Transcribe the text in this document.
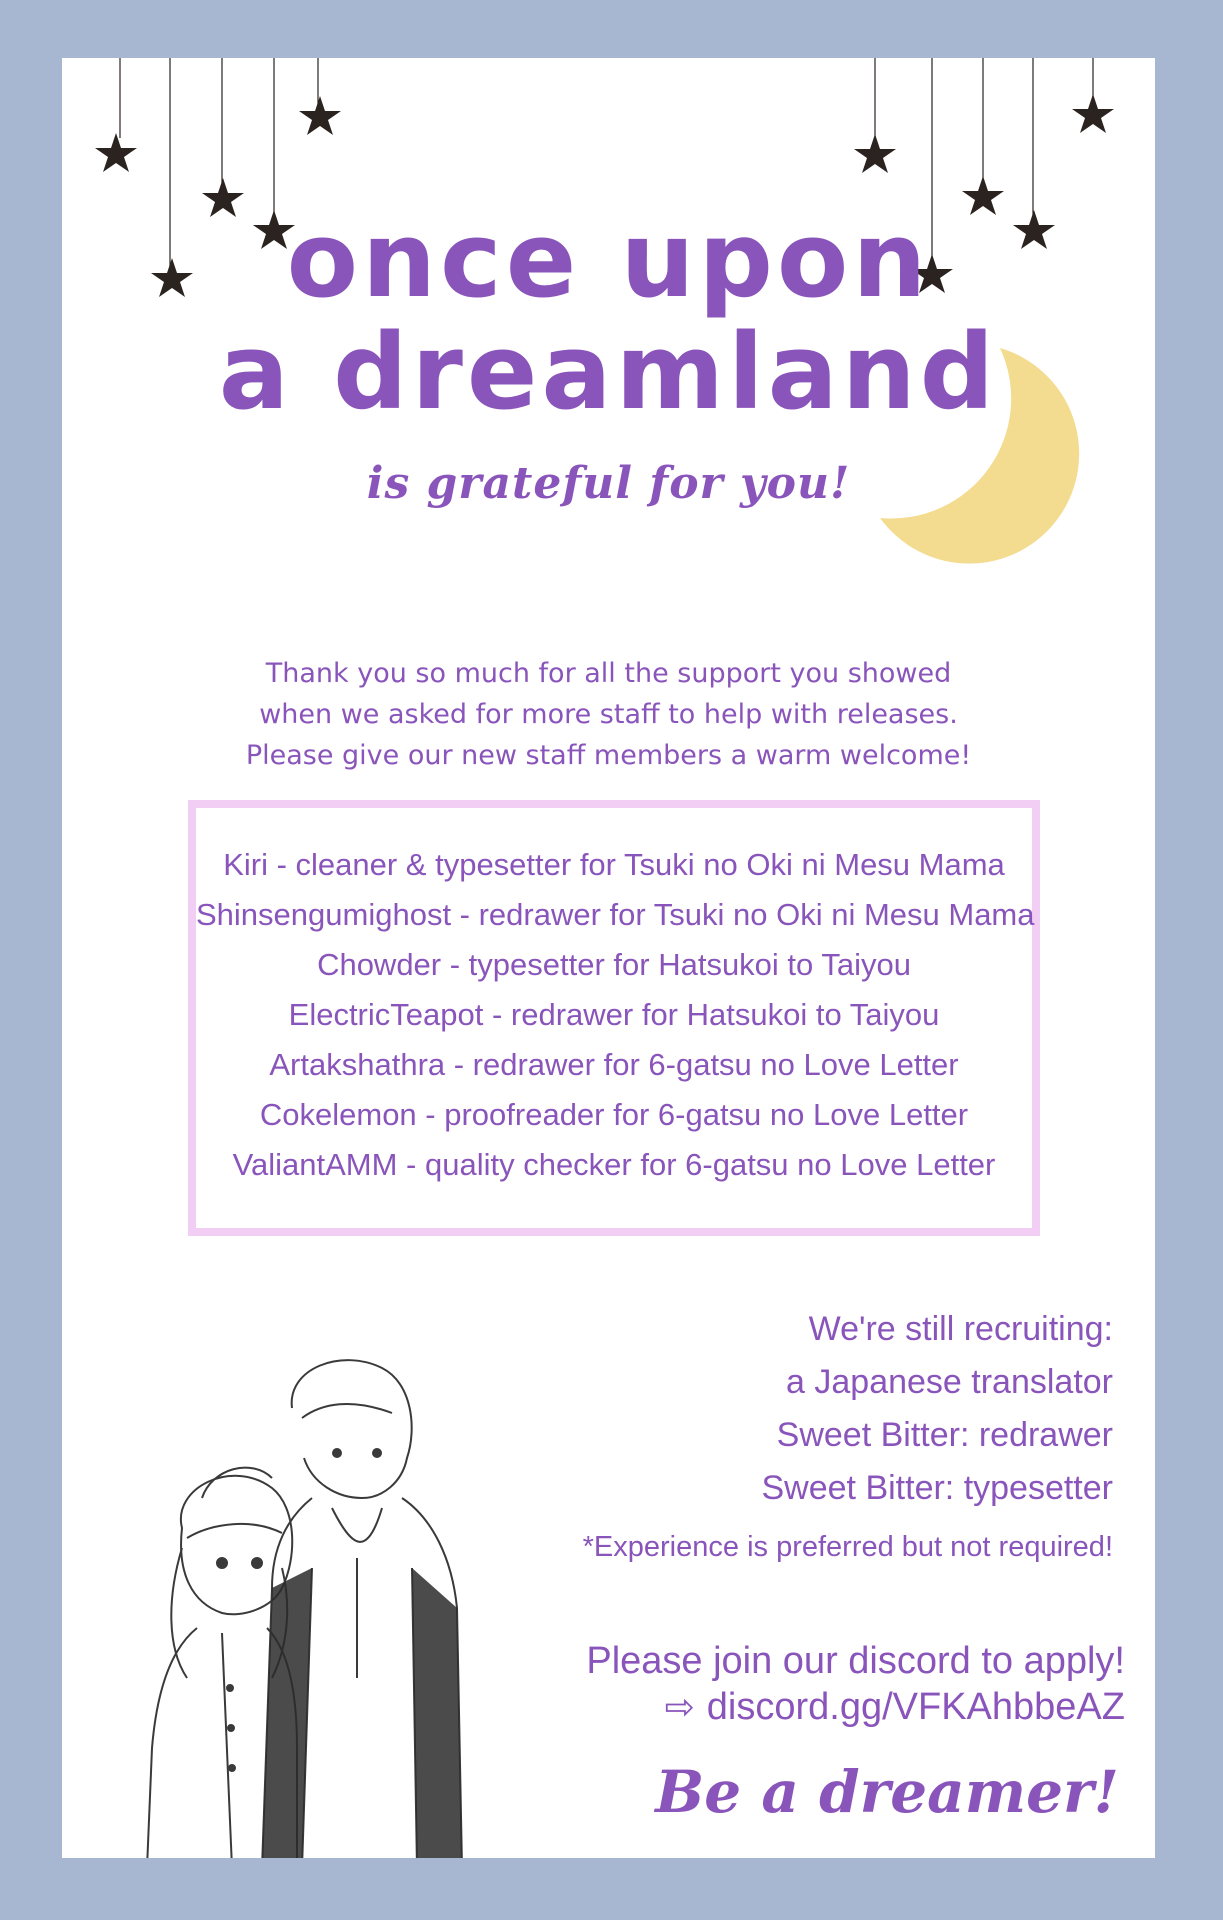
once upon
a dreamland
is grateful for you!
Thank you so much for all the support you showed
when we asked for more staff to help with releases.
Please give our new staff members a warm welcome!
Kiri - cleaner & typesetter for Tsuki no Oki ni Mesu Mama
Shinsengumighost - redrawer for Tsuki no Oki ni Mesu Mama
Chowder - typesetter for Hatsukoi to Taiyou
ElectricTeapot - redrawer for Hatsukoi to Taiyou
Artakshathra - redrawer for 6-gatsu no Love Letter
Cokelemon - proofreader for 6-gatsu no Love Letter
ValiantAMM - quality checker for 6-gatsu no Love Letter
We're still recruiting:
a Japanese translator
Sweet Bitter: redrawer
Sweet Bitter: typesetter
*Experience is preferred but not required!
Please join our discord to apply!
⇨ discord.gg/VFKAhbbeAZ
Be a dreamer!
